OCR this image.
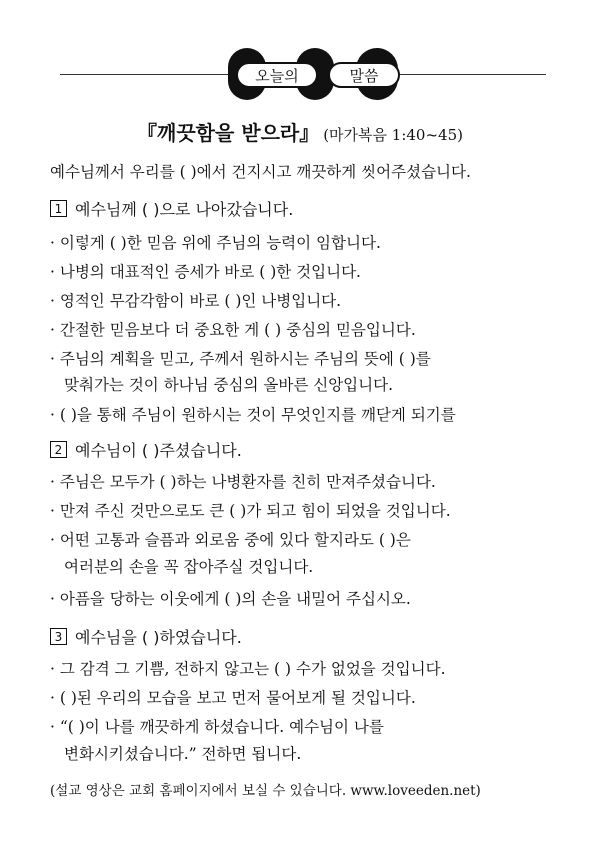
오늘의	말씀
『깨끗함을 받으라』 (마가복음 1:40~45)
예수님께서 우리를 ( )에서 건지시고 깨끗하게 씻어주셨습니다.
1 예수님께 ( )으로 나아갔습니다.
· 이렇게 ( )한 믿음 위에 주님의 능력이 임합니다.
· 나병의 대표적인 증세가 바로 ( )한 것입니다.
· 영적인 무감각함이 바로 ( )인 나병입니다.
· 간절한 믿음보다 더 중요한 게 ( ) 중심의 믿음입니다.
· 주님의 계획을 믿고, 주께서 원하시는 주님의 뜻에 ( )를
맞춰가는 것이 하나님 중심의 올바른 신앙입니다.
· ( )을 통해 주님이 원하시는 것이 무엇인지를 깨닫게 되기를
2 예수님이 ( )주셨습니다.
· 주님은 모두가 ( )하는 나병환자를 친히 만져주셨습니다.
· 만져 주신 것만으로도 큰 ( )가 되고 힘이 되었을 것입니다.
· 어떤 고통과 슬픔과 외로움 중에 있다 할지라도 ( )은
여러분의 손을 꼭 잡아주실 것입니다.
· 아픔을 당하는 이웃에게 ( )의 손을 내밀어 주십시오.
3 예수님을 ( )하였습니다.
· 그 감격 그 기쁨, 전하지 않고는 ( ) 수가 없었을 것입니다.
· ( )된 우리의 모습을 보고 먼저 물어보게 될 것입니다.
· “( )이 나를 깨끗하게 하셨습니다. 예수님이 나를
변화시키셨습니다.” 전하면 됩니다.
(설교 영상은 교회 홈페이지에서 보실 수 있습니다. www.loveeden.net)
